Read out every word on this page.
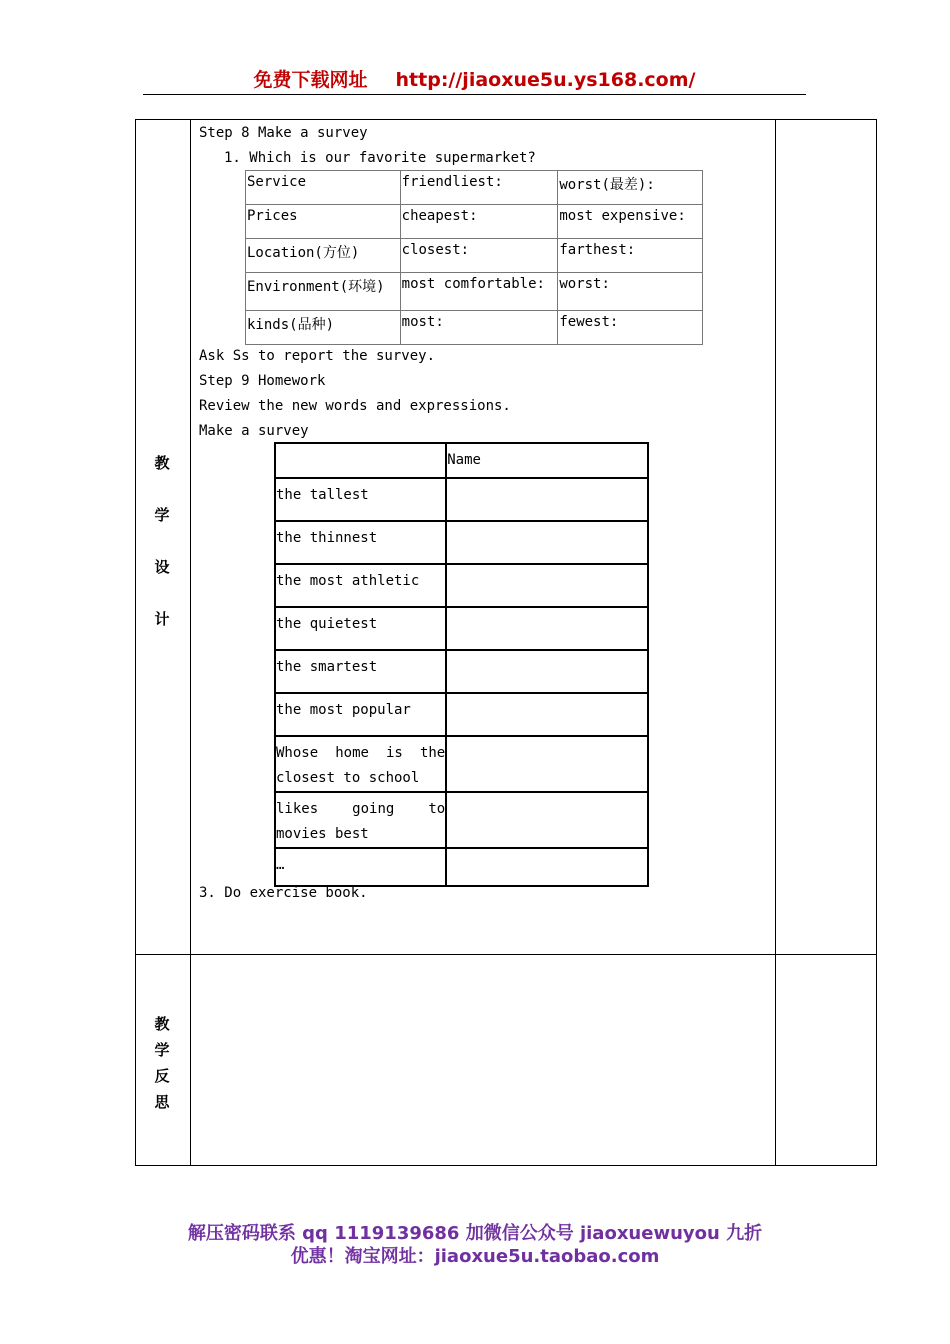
免费下载网址 http://jiaoxue5u.ys168.com/
教
学
设
计
教
学
反
思
Step 8 Make a survey
1. Which is our favorite supermarket?
Service	friendliest:	worst(最差):
Prices	cheapest:	most expensive:
Location(方位)	closest:	farthest:
Environment(环境)	most comfortable:	worst:
kinds(品种)	most:	fewest:
Ask Ss to report the survey.
Step 9 Homework
Review the new words and expressions.
Make a survey
	Name
the tallest	
the thinnest	
the most athletic	
the quietest	
the smartest	
the most popular	
Whose home is the closest to school	
likes going to movies best	
…	
3. Do exercise book.
解压密码联系 qq 1119139686 加微信公众号 jiaoxuewuyou 九折
优惠！淘宝网址：jiaoxue5u.taobao.com
